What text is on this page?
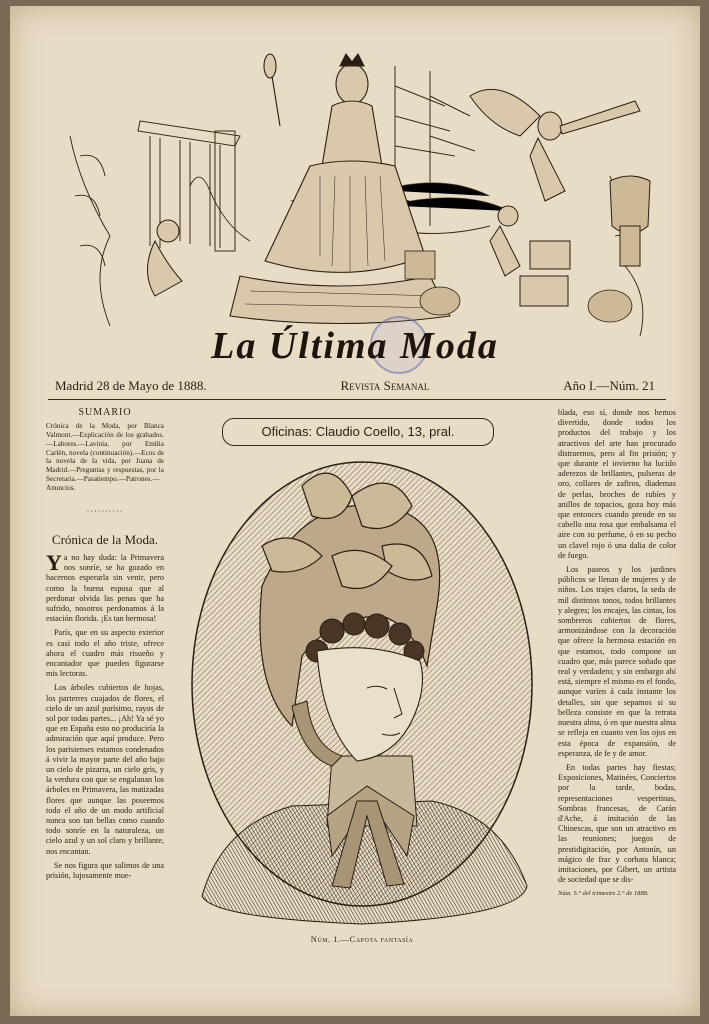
La Última Moda
Madrid 28 de Mayo de 1888.	Revista Semanal	Año I.—Núm. 21
SUMARIO
Crónica de la Moda, por Blanca Valmont.—Explicación de los grabados.—Labores.—Lavinia, por Emilia Carlén, novela (continuación).—Ecos de la novela de la vida, por Juana de Madrid.—Preguntas y respuestas, por la Secretaria.—Pasatiempo.—Patrones.—Anuncios.
··········
Crónica de la Moda.

Ya no hay duda: la Primavera nos sonríe, se ha gozado en hacernos esperarla sin venir, pero como la buena esposa que al perdonar olvida las penas que ha sufrido, nosotros perdonamos á la estación florida. ¡Es tan hermosa!

París, que en su aspecto exterior es casi todo el año triste, ofrece ahora el cuadro más risueño y encantador que pueden figurarse mis lectoras.

Los árboles cubiertos de hojas, los parterres cuajados de flores, el cielo de un azul purísimo, rayos de sol por todas partes... ¡Ah! Ya sé yo que en España esto no produciría la admiración que aquí produce. Pero los parisienses estamos condenados á vivir la mayor parte del año bajo un cielo de pizarra, un cielo gris, y la verdura con que se engalanan los árboles en Primavera, las matizadas flores que aunque las poseemos todo el año de un modo artificial nunca son tan bellas como cuando todo sonríe en la naturaleza, un cielo azul y un sol claro y brillante, nos encantan.

Se nos figura que salimos de una prisión, lujosamente mue-

Oficinas: Claudio Coello, 13, pral.
Núm. 1.—Capota fantasía

blada, eso sí, donde nos hemos divertido, donde todos los productos del trabajo y los atractivos del arte han procurado distraernos, pero al fin prisión; y que durante el invierno ha lucido aderezos de brillantes, pulseras de oro, collares de zafiros, diademas de perlas, broches de rubíes y anillos de topacios, goza hoy más que entonces cuando prende en su cabello una rosa que embalsama el aire con su perfume, ó en su pecho un clavel rojo ó una dalia de color de fuego.

Los paseos y los jardines públicos se llenan de mujeres y de niños. Los trajes claros, la seda de mil distintos tonos, todos brillantes y alegres; los encajes, las cintas, los sombreros cubiertos de flores, armonizándose con la decoración que ofrece la hermosa estación en que estamos, todo compone un cuadro que, más parece soñado que real y verdadero; y sin embargo ahí está, siempre el mismo en el fondo, aunque varíen á cada instante los detalles, sin que sepamos si su belleza consiste en que la retrata nuestra alma, ó en que nuestra alma se refleja en cuanto ven los ojos en esta época de expansión, de esperanza, de fe y de amor.

En todas partes hay fiestas; Exposiciones, Matinées, Conciertos por la tarde, bodas, representaciones vespertinas, Sombras francesas, de Carán d'Ache, á imitación de las Chinescas, que son un atractivo en las reuniones; juegos de prestidigitación, por Antonín, un mágico de frac y corbata blanca; imitaciones, por Gibert, un artista de sociedad que se dis-

Núm. 5.° del trimestre 2.° de 1888.
